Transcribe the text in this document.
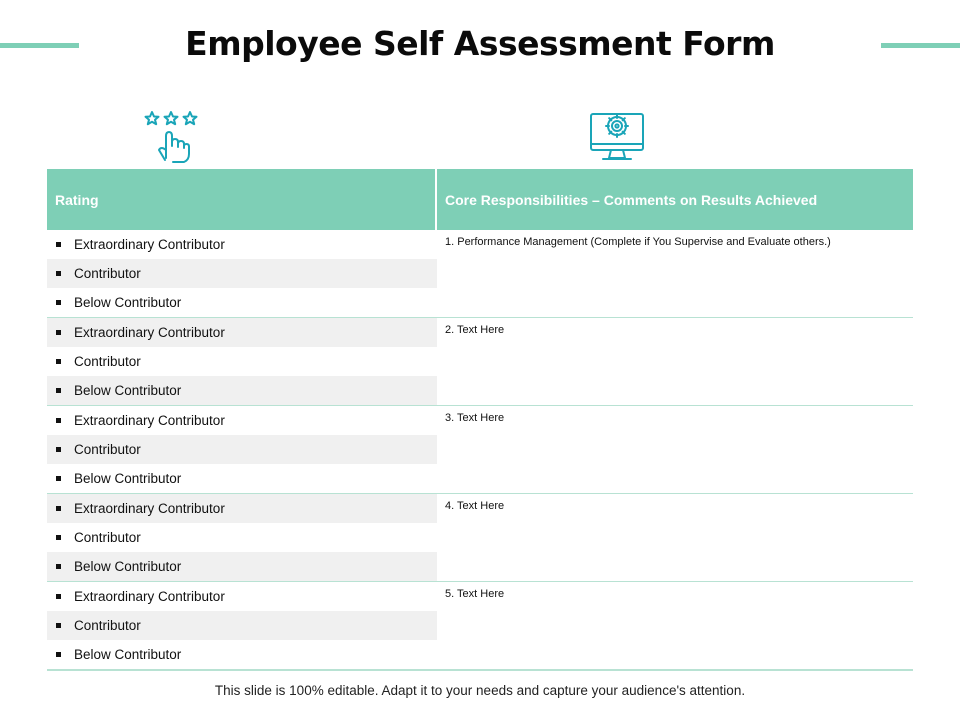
Employee Self Assessment Form
Rating	Core Responsibilities – Comments on Results Achieved
Extraordinary Contributor
Contributor
Below Contributor
1. Performance Management (Complete if You Supervise and Evaluate others.)
Extraordinary Contributor
Contributor
Below Contributor
2. Text Here
Extraordinary Contributor
Contributor
Below Contributor
3. Text Here
Extraordinary Contributor
Contributor
Below Contributor
4. Text Here
Extraordinary Contributor
Contributor
Below Contributor
5. Text Here
This slide is 100% editable. Adapt it to your needs and capture your audience's attention.
